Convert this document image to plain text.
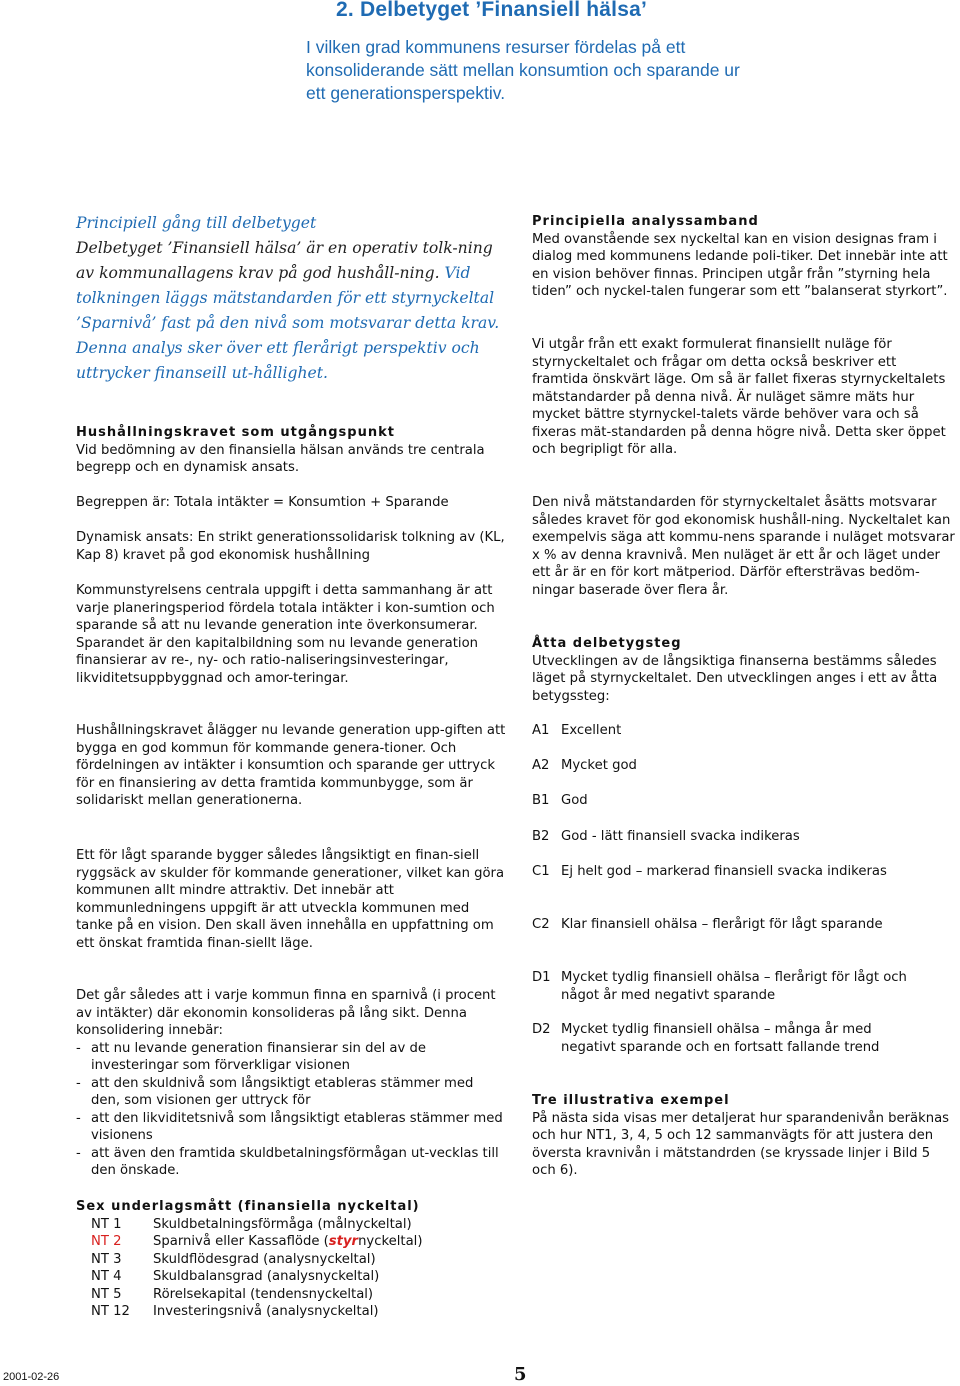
2. Delbetyget ’Finansiell hälsa’
I vilken grad kommunens resurser fördelas på ett konsoliderande sätt mellan konsumtion och sparande ur ett generationsperspektiv.
Principiell gång till delbetyget
Delbetyget ’Finansiell hälsa’ är en operativ tolk-ning av kommunallagens krav på god hushåll-ning. Vid tolkningen läggs mätstandarden för ett styrnyckeltal ’Sparnivå’ fast på den nivå som motsvarar detta krav. Denna analys sker över ett flerårigt perspektiv och uttrycker finanseill ut-hållighet.

Hushållningskravet som utgångspunkt

Vid bedömning av den finansiella hälsan används tre centrala begrepp och en dynamisk ansats.

Begreppen är: Totala intäkter = Konsumtion + Sparande
Dynamisk ansats: En strikt generationssolidarisk tolkning av (KL, Kap 8) kravet på god ekonomisk hushållning
Kommunstyrelsens centrala uppgift i detta sammanhang är att varje planeringsperiod fördela totala intäkter i kon-sumtion och sparande så att nu levande generation inte överkonsumerar. Sparandet är den kapitalbildning som nu levande generation finansierar av re-, ny- och ratio-naliseringsinvesteringar, likviditetsuppbyggnad och amor-teringar.
Hushållningskravet ålägger nu levande generation upp-giften att bygga en god kommun för kommande genera-tioner. Och fördelningen av intäkter i konsumtion och sparande ger uttryck för en finansiering av detta framtida kommunbygge, som är solidariskt mellan generationerna.
Ett för lågt sparande bygger således långsiktigt en finan-siell ryggsäck av skulder för kommande generationer, vilket kan göra kommunen allt mindre attraktiv. Det innebär att kommunledningens uppgift är att utveckla kommunen med tanke på en vision. Den skall även innehålla en uppfattning om ett önskat framtida finan-siellt läge.

Det går således att i varje kommun finna en sparnivå (i procent av intäkter) där ekonomin konsolideras på lång sikt. Denna konsolidering innebär:

- att nu levande generation finansierar sin del av de investeringar som förverkligar visionen
- att den skuldnivå som långsiktigt etableras stämmer med den, som visionen ger uttryck för
- att den likviditetsnivå som långsiktigt etableras stämmer med visionens
- att även den framtida skuldbetalningsförmågan ut-vecklas till den önskade.

Sex underlagsmått (finansiella nyckeltal)

NT 1	Skuldbetalningsförmåga (målnyckeltal)
NT 2	Sparnivå eller Kassaflöde (styrnyckeltal)
NT 3	Skuldflödesgrad (analysnyckeltal)
NT 4	Skuldbalansgrad (analysnyckeltal)
NT 5	Rörelsekapital (tendensnyckeltal)
NT 12	Investeringsnivå (analysnyckeltal)

Principiella analyssamband

Med ovanstående sex nyckeltal kan en vision designas fram i dialog med kommunens ledande poli-tiker. Det innebär inte att en vision behöver finnas. Principen utgår från ”styrning hela tiden” och nyckel-talen fungerar som ett ”balanserat styrkort”.

Vi utgår från ett exakt formulerat finansiellt nuläge för styrnyckeltalet och frågar om detta också beskriver ett framtida önskvärt läge. Om så är fallet fixeras styrnyckeltalets mätstandarder på denna nivå. Är nuläget sämre mäts hur mycket bättre styrnyckel-talets värde behöver vara och så fixeras mät-standarden på denna högre nivå. Detta sker öppet och begripligt för alla.
Den nivå mätstandarden för styrnyckeltalet åsätts motsvarar således kravet för god ekonomisk hushåll-ning. Nyckeltalet kan exempelvis säga att kommu-nens sparande i nuläget motsvarar x % av denna kravnivå. Men nuläget är ett år och läget under ett år är en för kort mätperiod. Därför eftersträvas bedöm-ningar baserade över flera år.

Åtta delbetygsteg

Utvecklingen av de långsiktiga finanserna bestämms således läget på styrnyckeltalet. Den utvecklingen anges i ett av åtta betygssteg:

A1 Excellent
A2 Mycket god
B1 God
B2 God - lätt finansiell svacka indikeras
C1 Ej helt god – markerad finansiell svacka indikeras
C2 Klar finansiell ohälsa – flerårigt för lågt sparande
D1 Mycket tydlig finansiell ohälsa – flerårigt för lågt och något år med negativt sparande
D2 Mycket tydlig finansiell ohälsa – många år med negativt sparande och en fortsatt fallande trend

Tre illustrativa exempel

På nästa sida visas mer detaljerat hur sparandenivån beräknas och hur NT1, 3, 4, 5 och 12 sammanvägts för att justera den översta kravnivån i mätstandrden (se kryssade linjer i Bild 5 och 6).

2001-02-26	5
